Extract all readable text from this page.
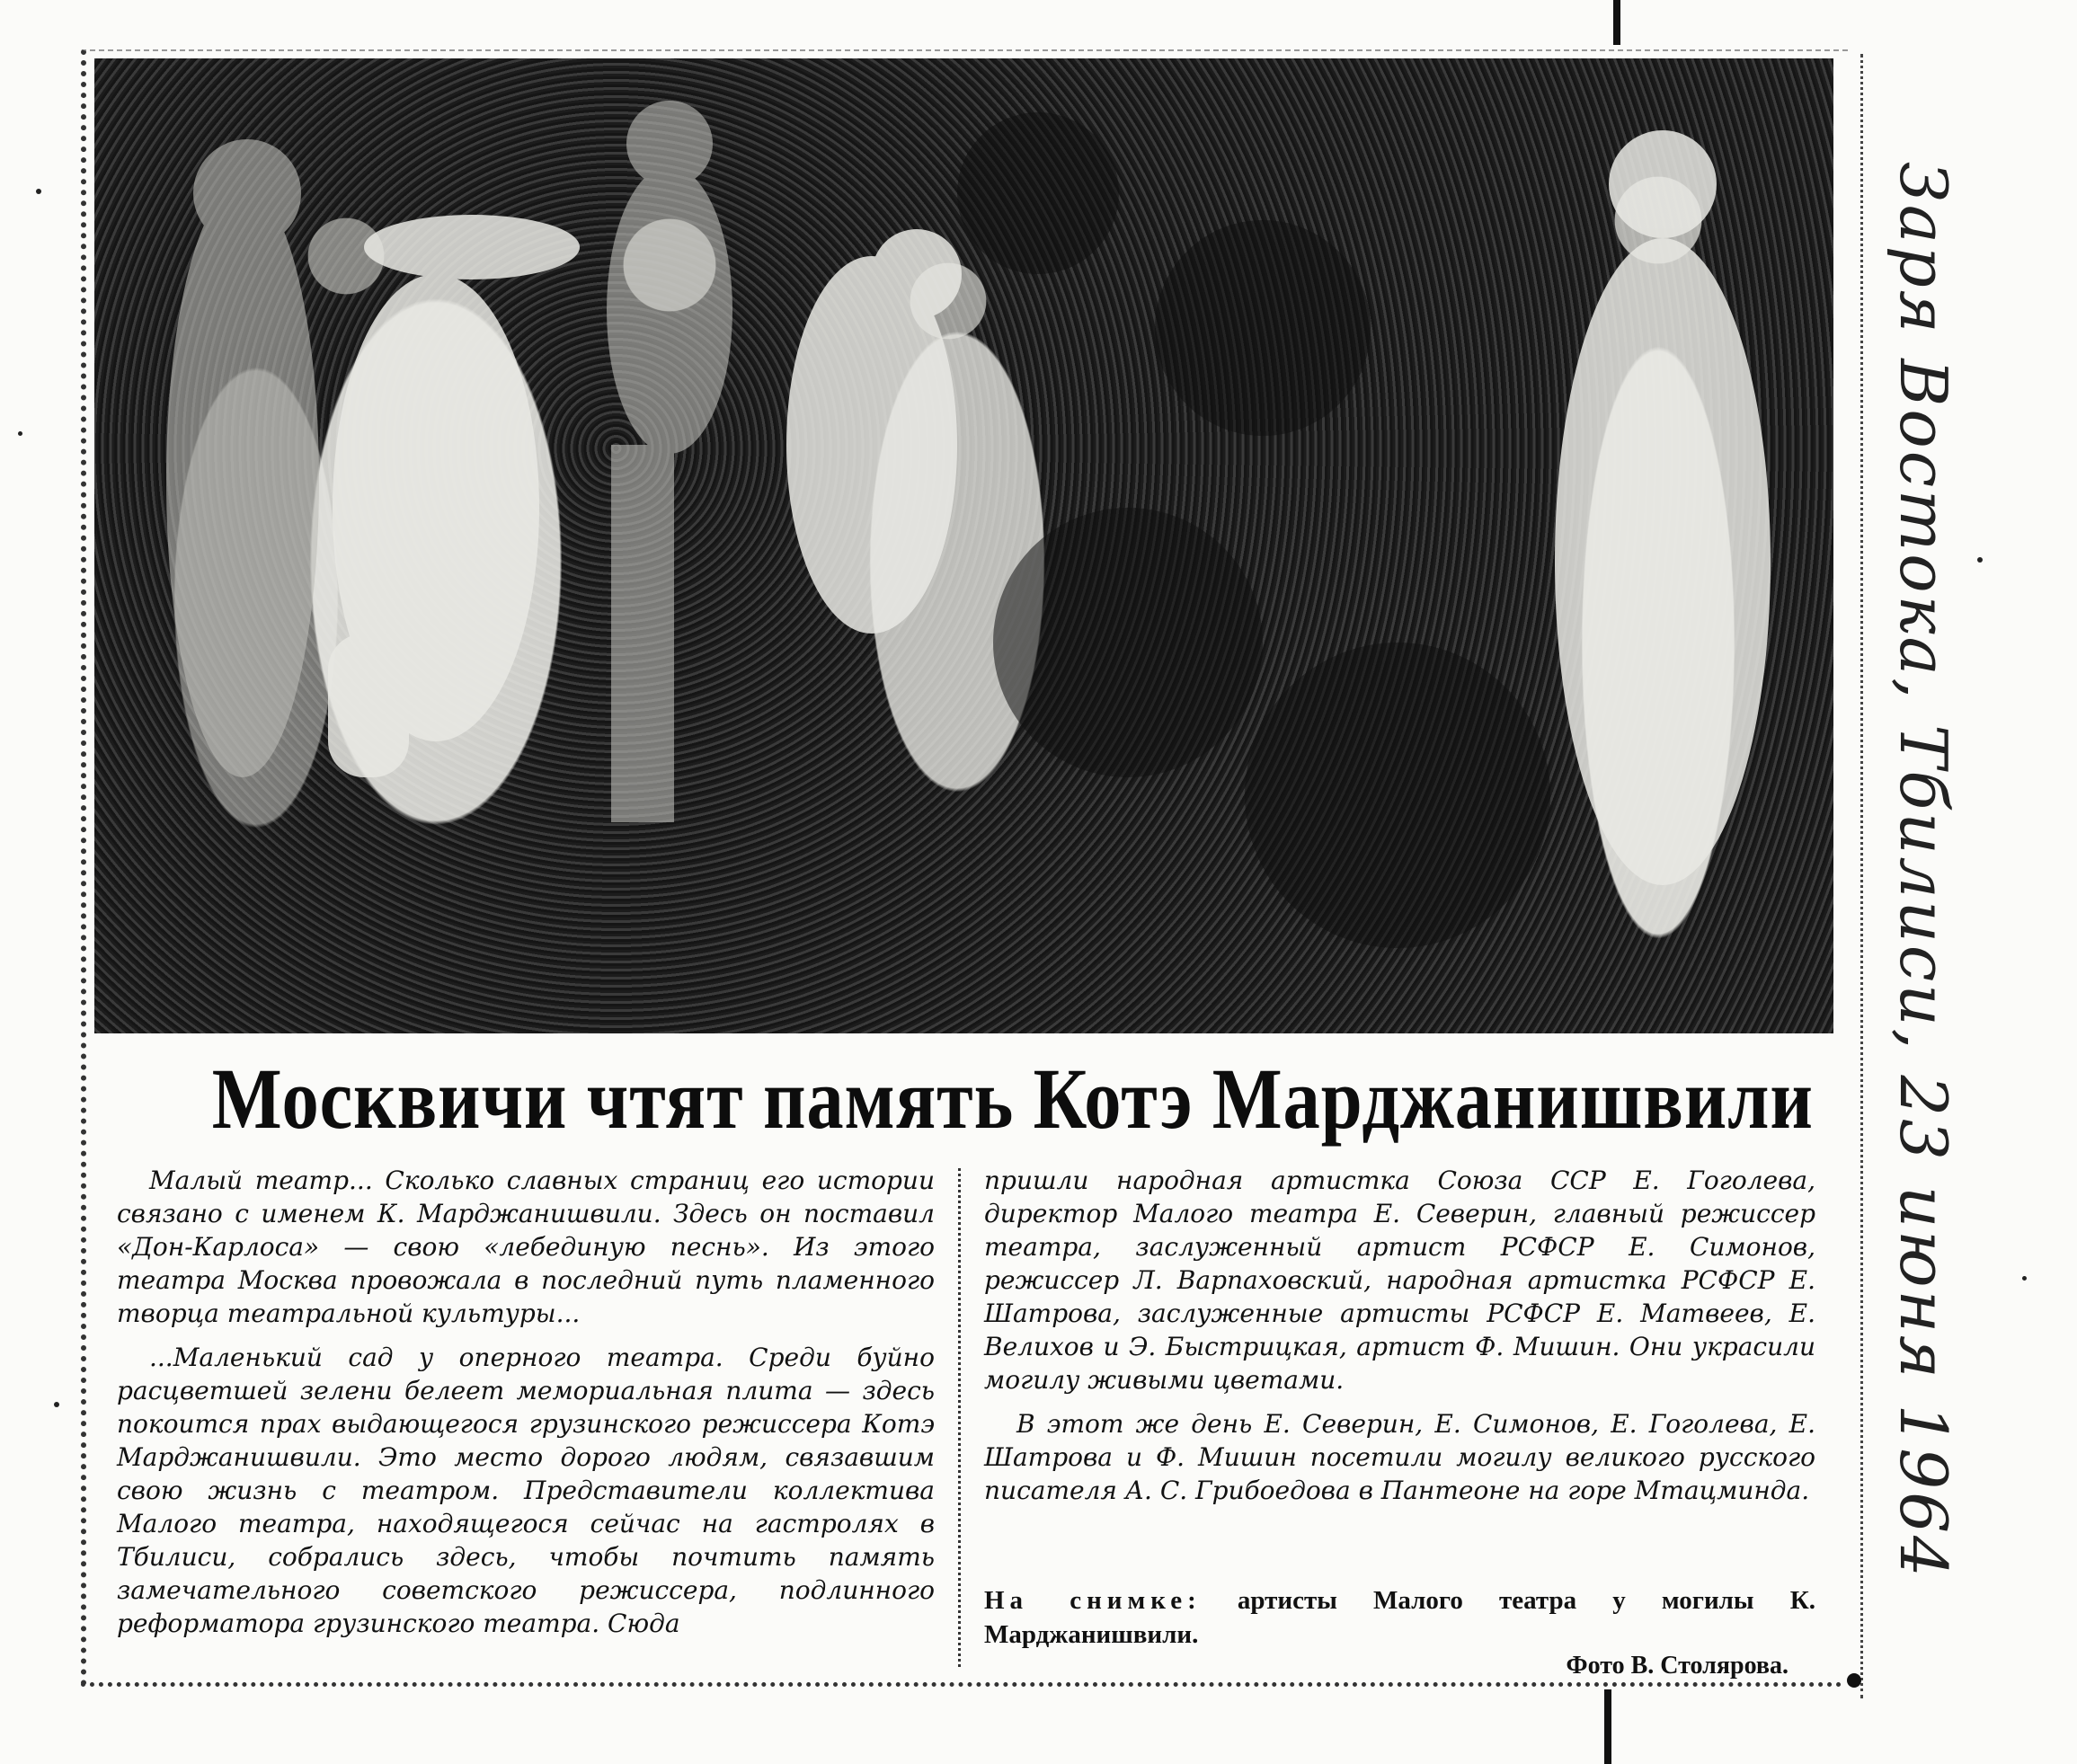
Москвичи чтят память Котэ Марджанишвили

Малый театр... Сколько славных страниц его истории связано с именем К. Марджанишвили. Здесь он поставил «Дон-Карлоса» — свою «лебединую песнь». Из этого театра Москва провожала в последний путь пламенного творца театральной культуры...

...Маленький сад у оперного театра. Среди буйно расцветшей зелени белеет мемориальная плита — здесь покоится прах выдающегося грузинского режиссера Котэ Марджанишвили. Это место дорого людям, связавшим свою жизнь с театром. Представители коллектива Малого театра, находящегося сейчас на гастролях в Тбилиси, собрались здесь, чтобы почтить память замечательного советского режиссера, подлинного реформатора грузинского театра. Сюда

пришли народная артистка Союза ССР Е. Гоголева, директор Малого театра Е. Северин, главный режиссер театра, заслуженный артист РСФСР Е. Симонов, режиссер Л. Варпаховский, народная артистка РСФСР Е. Шатрова, заслуженные артисты РСФСР Е. Матвеев, Е. Велихов и Э. Быстрицкая, артист Ф. Мишин. Они украсили могилу живыми цветами.

В этот же день Е. Северин, Е. Симонов, Е. Гоголева, Е. Шатрова и Ф. Мишин посетили могилу великого русского писателя А. С. Грибоедова в Пантеоне на горе Мтацминда.

На снимке: артисты Малого театра у могилы К. Марджанишвили.
Фото В. Столярова.
Заря Востока, Тбилиси, 23 июня 1964
